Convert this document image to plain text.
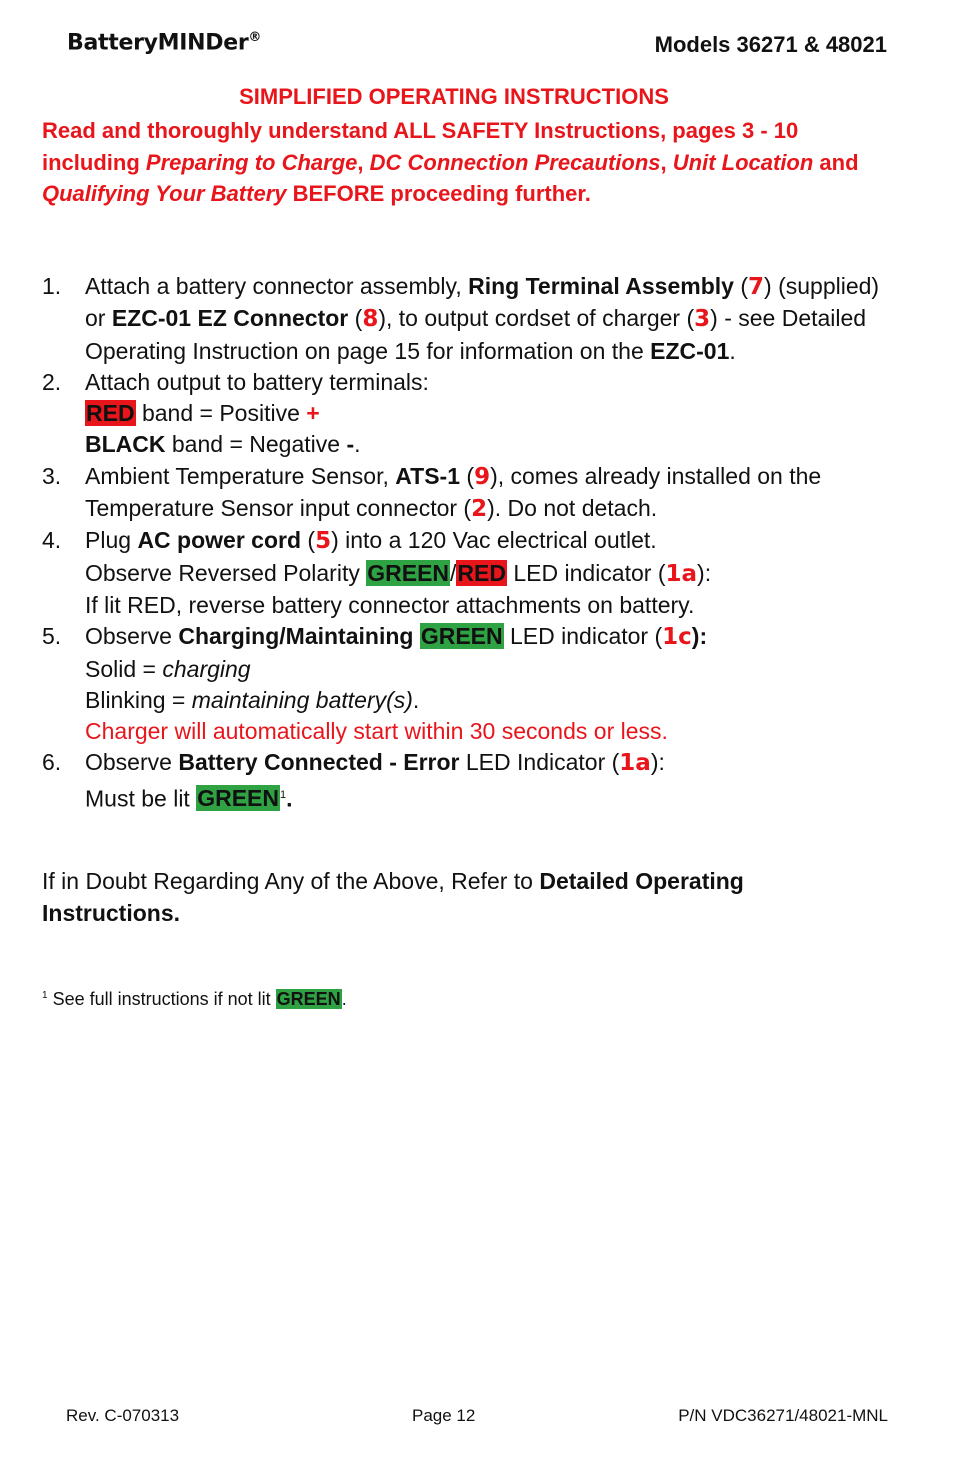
BatteryMINDer®	Models 36271 & 48021
SIMPLIFIED OPERATING INSTRUCTIONS
Read and thoroughly understand ALL SAFETY Instructions, pages 3 - 10 including Preparing to Charge, DC Connection Precautions, Unit Location and Qualifying Your Battery BEFORE proceeding further.
1.	Attach a battery connector assembly, Ring Terminal Assembly (7) (supplied) or EZC-01 EZ Connector (8), to output cordset of charger (3) - see Detailed Operating Instruction on page 15 for information on the EZC-01.
2.	Attach output to battery terminals:
RED band = Positive +
BLACK band = Negative -.
3.	Ambient Temperature Sensor, ATS-1 (9), comes already installed on the Temperature Sensor input connector (2). Do not detach.
4.	Plug AC power cord (5) into a 120 Vac electrical outlet.
Observe Reversed Polarity GREEN/RED LED indicator (1a):
If lit RED, reverse battery connector attachments on battery.
5.	Observe Charging/Maintaining GREEN LED indicator (1c):
Solid = charging
Blinking = maintaining battery(s).
Charger will automatically start within 30 seconds or less.
6.	Observe Battery Connected - Error LED Indicator (1a):
Must be lit GREEN$^1$.
If in Doubt Regarding Any of the Above, Refer to Detailed Operating Instructions.
$^1$ See full instructions if not lit GREEN.
Rev. C-070313	Page 12	P/N VDC36271/48021-MNL
